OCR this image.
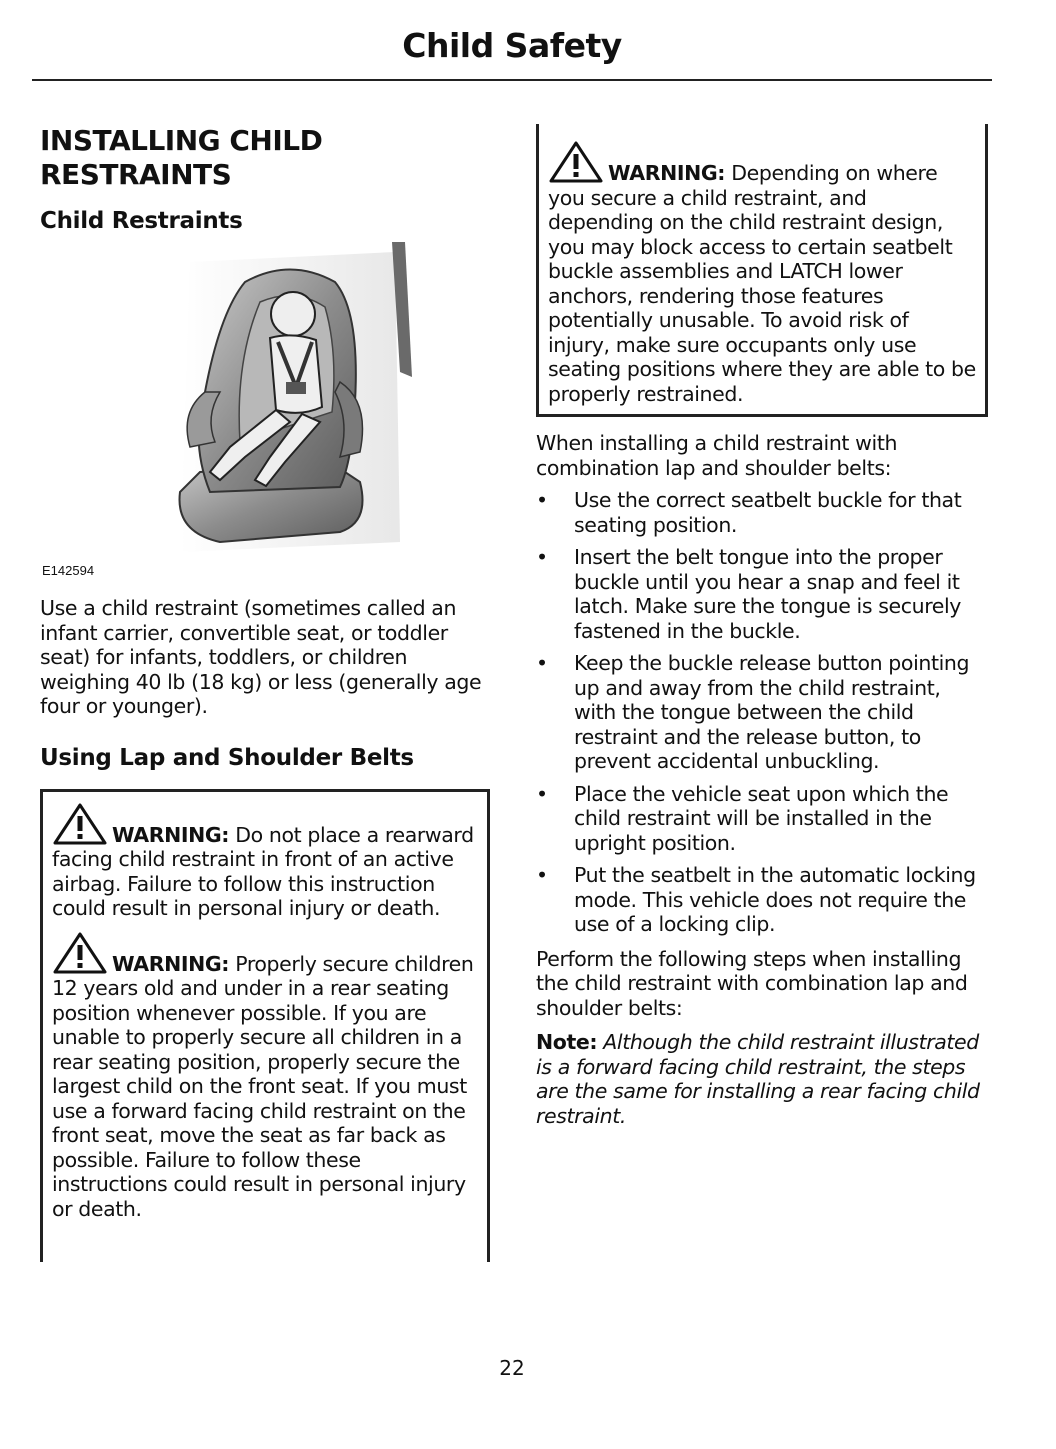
Child Safety
INSTALLING CHILD
RESTRAINTS
Child Restraints
E142594

Use a child restraint (sometimes called an infant carrier, convertible seat, or toddler seat) for infants, toddlers, or children weighing 40 lb (18 kg) or less (generally age four or younger).

Using Lap and Shoulder Belts

WARNING: Do not place a rearward facing child restraint in front of an active airbag. Failure to follow this instruction could result in personal injury or death.

WARNING: Properly secure children 12 years old and under in a rear seating position whenever possible. If you are unable to properly secure all children in a rear seating position, properly secure the largest child on the front seat. If you must use a forward facing child restraint on the front seat, move the seat as far back as possible. Failure to follow these instructions could result in personal injury or death.

WARNING: Depending on where you secure a child restraint, and depending on the child restraint design, you may block access to certain seatbelt buckle assemblies and LATCH lower anchors, rendering those features potentially unusable. To avoid risk of injury, make sure occupants only use seating positions where they are able to be properly restrained.

When installing a child restraint with combination lap and shoulder belts:

• Use the correct seatbelt buckle for that seating position.
• Insert the belt tongue into the proper buckle until you hear a snap and feel it latch. Make sure the tongue is securely fastened in the buckle.
• Keep the buckle release button pointing up and away from the child restraint, with the tongue between the child restraint and the release button, to prevent accidental unbuckling.
• Place the vehicle seat upon which the child restraint will be installed in the upright position.
• Put the seatbelt in the automatic locking mode. This vehicle does not require the use of a locking clip.

Perform the following steps when installing the child restraint with combination lap and shoulder belts:

Note: Although the child restraint illustrated is a forward facing child restraint, the steps are the same for installing a rear facing child restraint.

22
